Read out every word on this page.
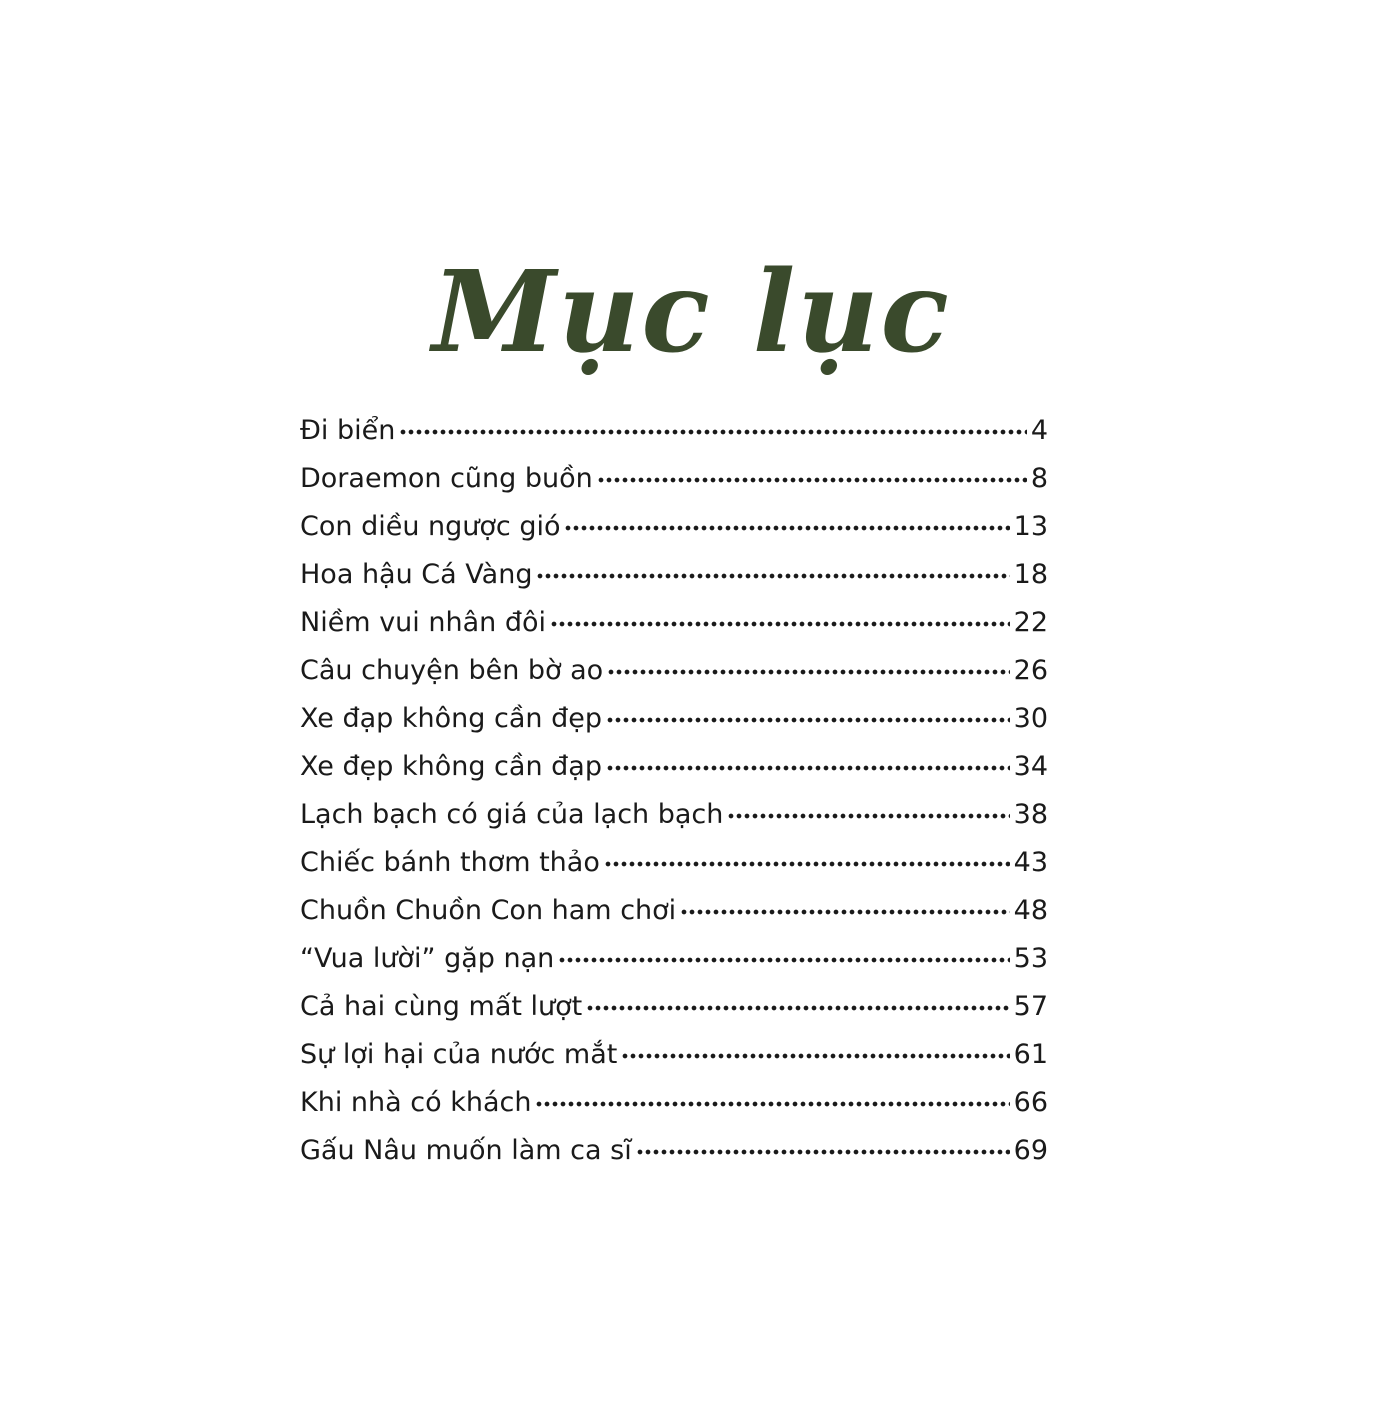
Mục lục
Đi biển	4
Doraemon cũng buồn	8
Con diều ngược gió	13
Hoa hậu Cá Vàng	18
Niềm vui nhân đôi	22
Câu chuyện bên bờ ao	26
Xe đạp không cần đẹp	30
Xe đẹp không cần đạp	34
Lạch bạch có giá của lạch bạch	38
Chiếc bánh thơm thảo	43
Chuồn Chuồn Con ham chơi	48
“Vua lười” gặp nạn	53
Cả hai cùng mất lượt	57
Sự lợi hại của nước mắt	61
Khi nhà có khách	66
Gấu Nâu muốn làm ca sĩ	69
